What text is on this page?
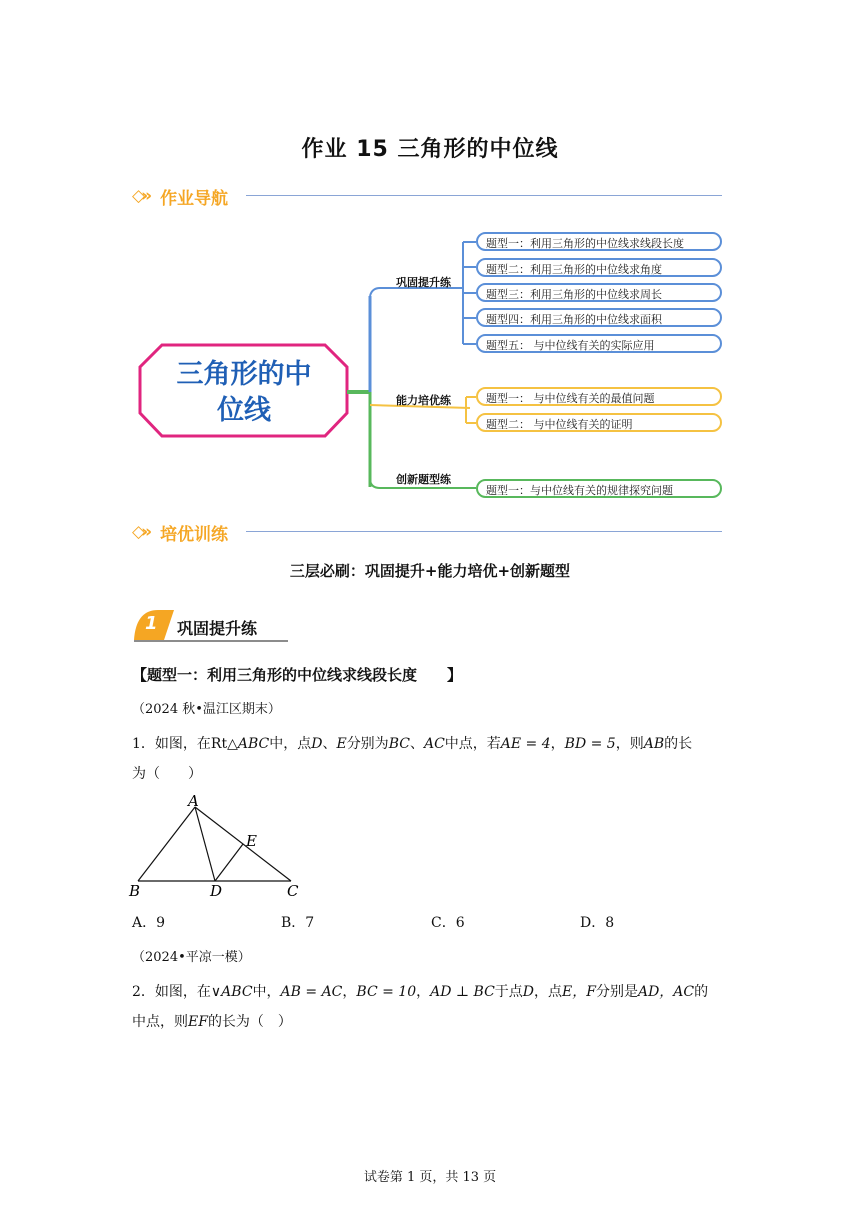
作业 15 三角形的中位线
◇» 作业导航
三角形的中
位线
巩固提升练
能力培优练
创新题型练
题型一：利用三角形的中位线求线段长度
题型二：利用三角形的中位线求角度
题型三：利用三角形的中位线求周长
题型四：利用三角形的中位线求面积
题型五： 与中位线有关的实际应用
题型一： 与中位线有关的最值问题
题型二： 与中位线有关的证明
题型一：与中位线有关的规律探究问题
◇» 培优训练
三层必刷：巩固提升+能力培优+创新题型
1 巩固提升练
【题型一：利用三角形的中位线求线段长度　　】
（2024 秋•温江区期末）
1．如图，在Rt△ABC中，点D、E分别为BC、AC中点，若AE = 4，BD = 5，则AB的长
为（　　）
A
B	C
D
E
A．9	B．7	C．6	D．8
（2024•平凉一模）
2．如图，在∨ABC中，AB = AC，BC = 10，AD ⊥ BC于点D，点E，F分别是AD，AC的
中点，则EF的长为（　）
试卷第 1 页，共 13 页
